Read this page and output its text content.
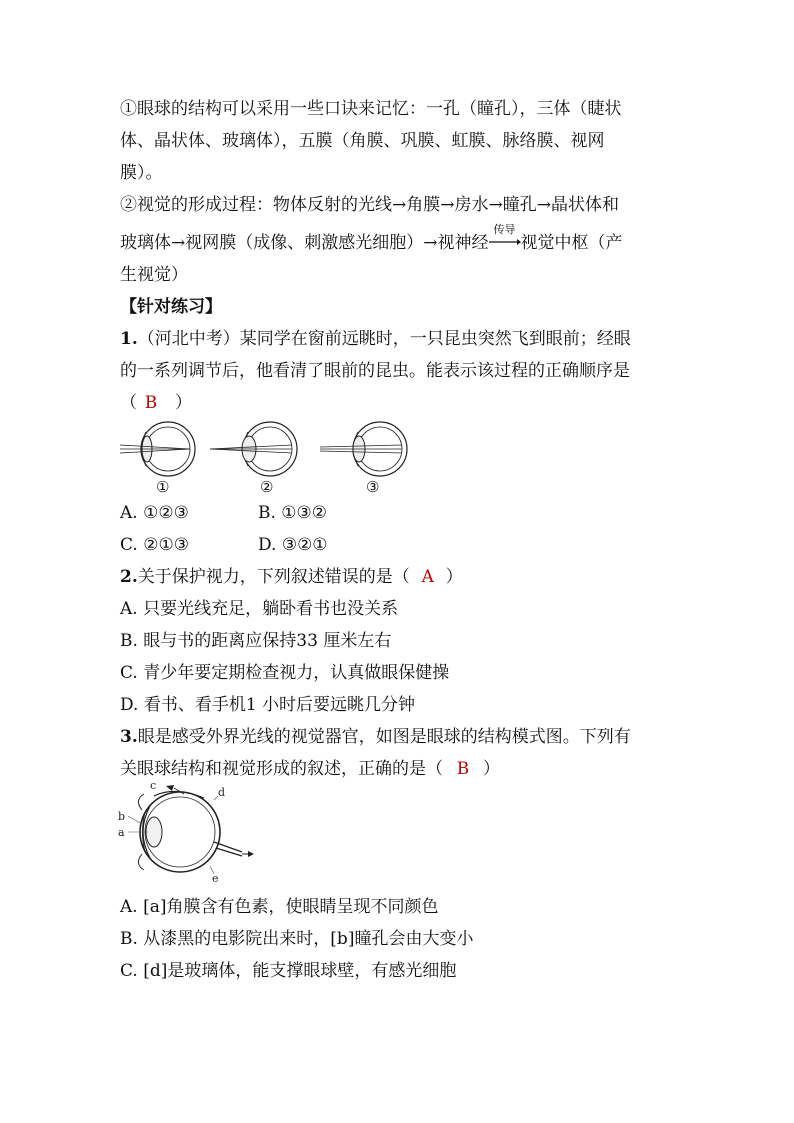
①眼球的结构可以采用一些口诀来记忆：一孔（瞳孔），三体（睫状
体、晶状体、玻璃体），五膜（角膜、巩膜、虹膜、脉络膜、视网
膜）。
②视觉的形成过程：物体反射的光线→角膜→房水→瞳孔→晶状体和
玻璃体→视网膜（成像、刺激感光细胞）→视神经
传导
视觉中枢（产
生视觉）
【针对练习】
1.（河北中考）某同学在窗前远眺时，一只昆虫突然飞到眼前；经眼
的一系列调节后，他看清了眼前的昆虫。能表示该过程的正确顺序是
（ B ）
①	②	③
A. ①②③	B. ①③②
C. ②①③	D. ③②①
2.关于保护视力，下列叙述错误的是（ A ）
A. 只要光线充足，躺卧看书也没关系
B. 眼与书的距离应保持33 厘米左右
C. 青少年要定期检查视力，认真做眼保健操
D. 看书、看手机1 小时后要远眺几分钟
3.眼是感受外界光线的视觉器官，如图是眼球的结构模式图。下列有
关眼球结构和视觉形成的叙述，正确的是（ B ）
a
b
c
d
e
A. [a]角膜含有色素，使眼睛呈现不同颜色
B. 从漆黑的电影院出来时，[b]瞳孔会由大变小
C. [d]是玻璃体，能支撑眼球壁，有感光细胞
